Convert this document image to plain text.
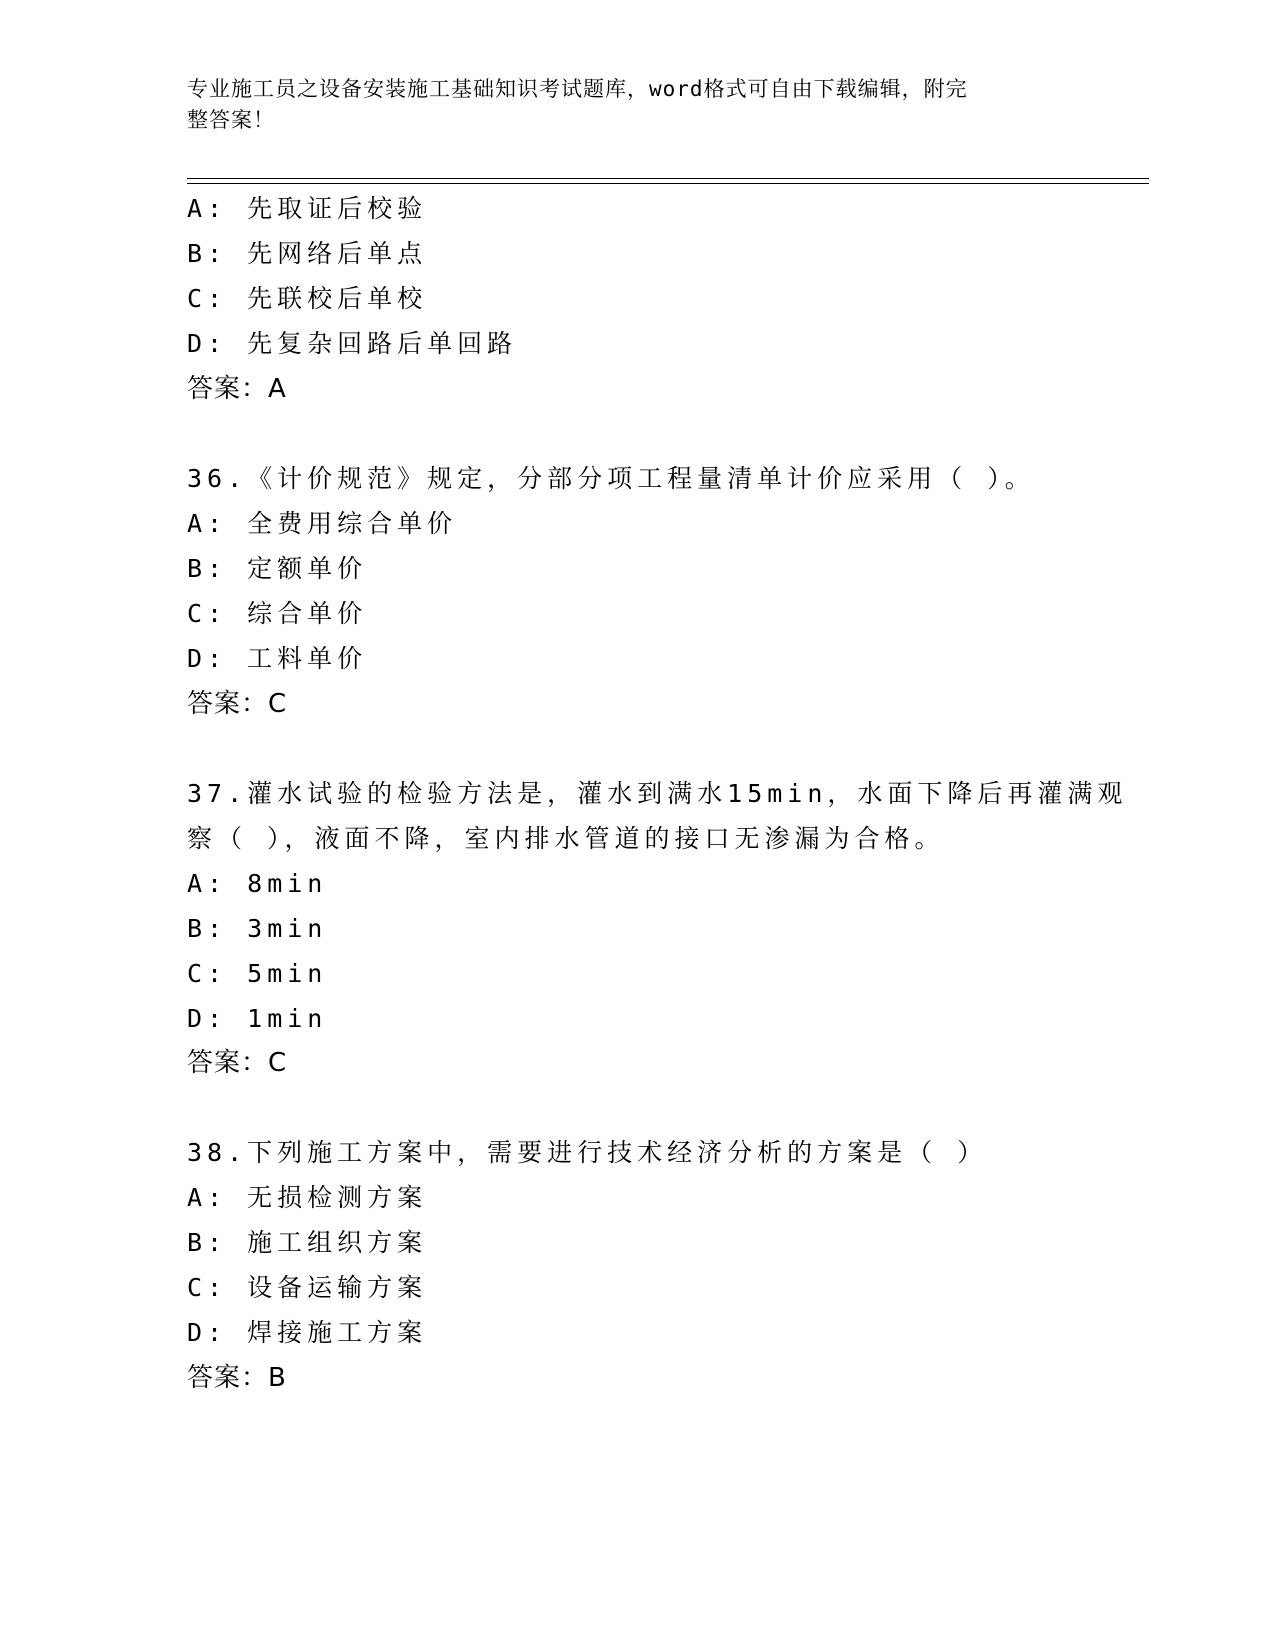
专业施工员之设备安装施工基础知识考试题库，word格式可自由下载编辑，附完
整答案！
A: 先取证后校验
B: 先网络后单点
C: 先联校后单校
D: 先复杂回路后单回路
答案：A
36.《计价规范》规定，分部分项工程量清单计价应采用（ ）。
A: 全费用综合单价
B: 定额单价
C: 综合单价
D: 工料单价
答案：C
37.灌水试验的检验方法是，灌水到满水15min，水面下降后再灌满观
察（ ），液面不降，室内排水管道的接口无渗漏为合格。
A: 8min
B: 3min
C: 5min
D: 1min
答案：C
38.下列施工方案中，需要进行技术经济分析的方案是（ ）
A: 无损检测方案
B: 施工组织方案
C: 设备运输方案
D: 焊接施工方案
答案：B
